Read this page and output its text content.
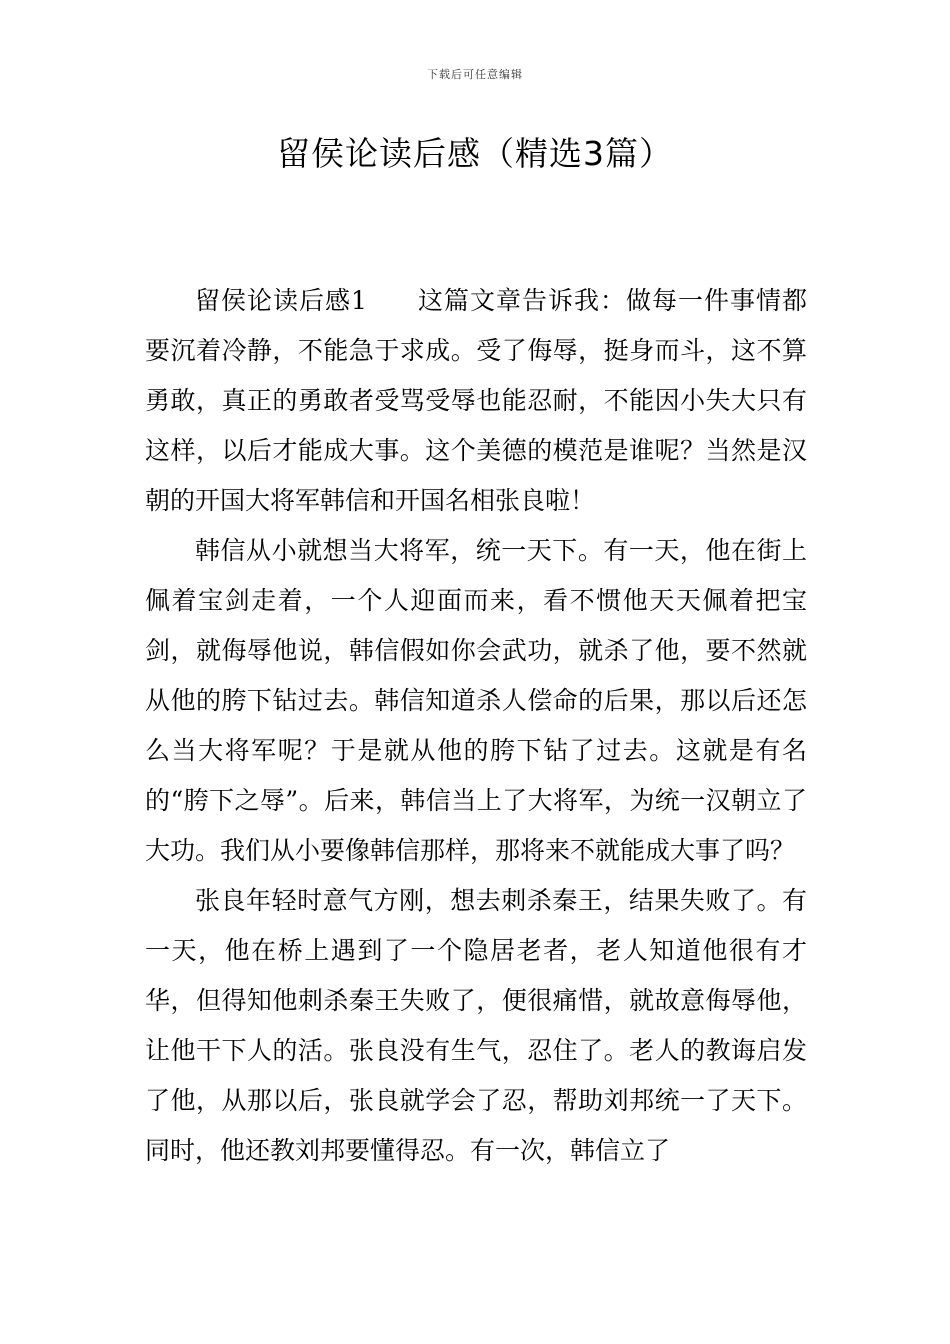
下载后可任意编辑
留侯论读后感（精选3篇）

留侯论读后感1 这篇文章告诉我：做每一件事情都要沉着冷静，不能急于求成。受了侮辱，挺身而斗，这不算勇敢，真正的勇敢者受骂受辱也能忍耐，不能因小失大只有这样，以后才能成大事。这个美德的模范是谁呢？当然是汉朝的开国大将军韩信和开国名相张良啦！

韩信从小就想当大将军，统一天下。有一天，他在街上佩着宝剑走着，一个人迎面而来，看不惯他天天佩着把宝剑，就侮辱他说，韩信假如你会武功，就杀了他，要不然就从他的胯下钻过去。韩信知道杀人偿命的后果，那以后还怎么当大将军呢？于是就从他的胯下钻了过去。这就是有名的“胯下之辱”。后来，韩信当上了大将军，为统一汉朝立了大功。我们从小要像韩信那样，那将来不就能成大事了吗？

张良年轻时意气方刚，想去刺杀秦王，结果失败了。有一天，他在桥上遇到了一个隐居老者，老人知道他很有才华，但得知他刺杀秦王失败了，便很痛惜，就故意侮辱他，让他干下人的活。张良没有生气，忍住了。老人的教诲启发了他，从那以后，张良就学会了忍，帮助刘邦统一了天下。同时，他还教刘邦要懂得忍。有一次，韩信立了
